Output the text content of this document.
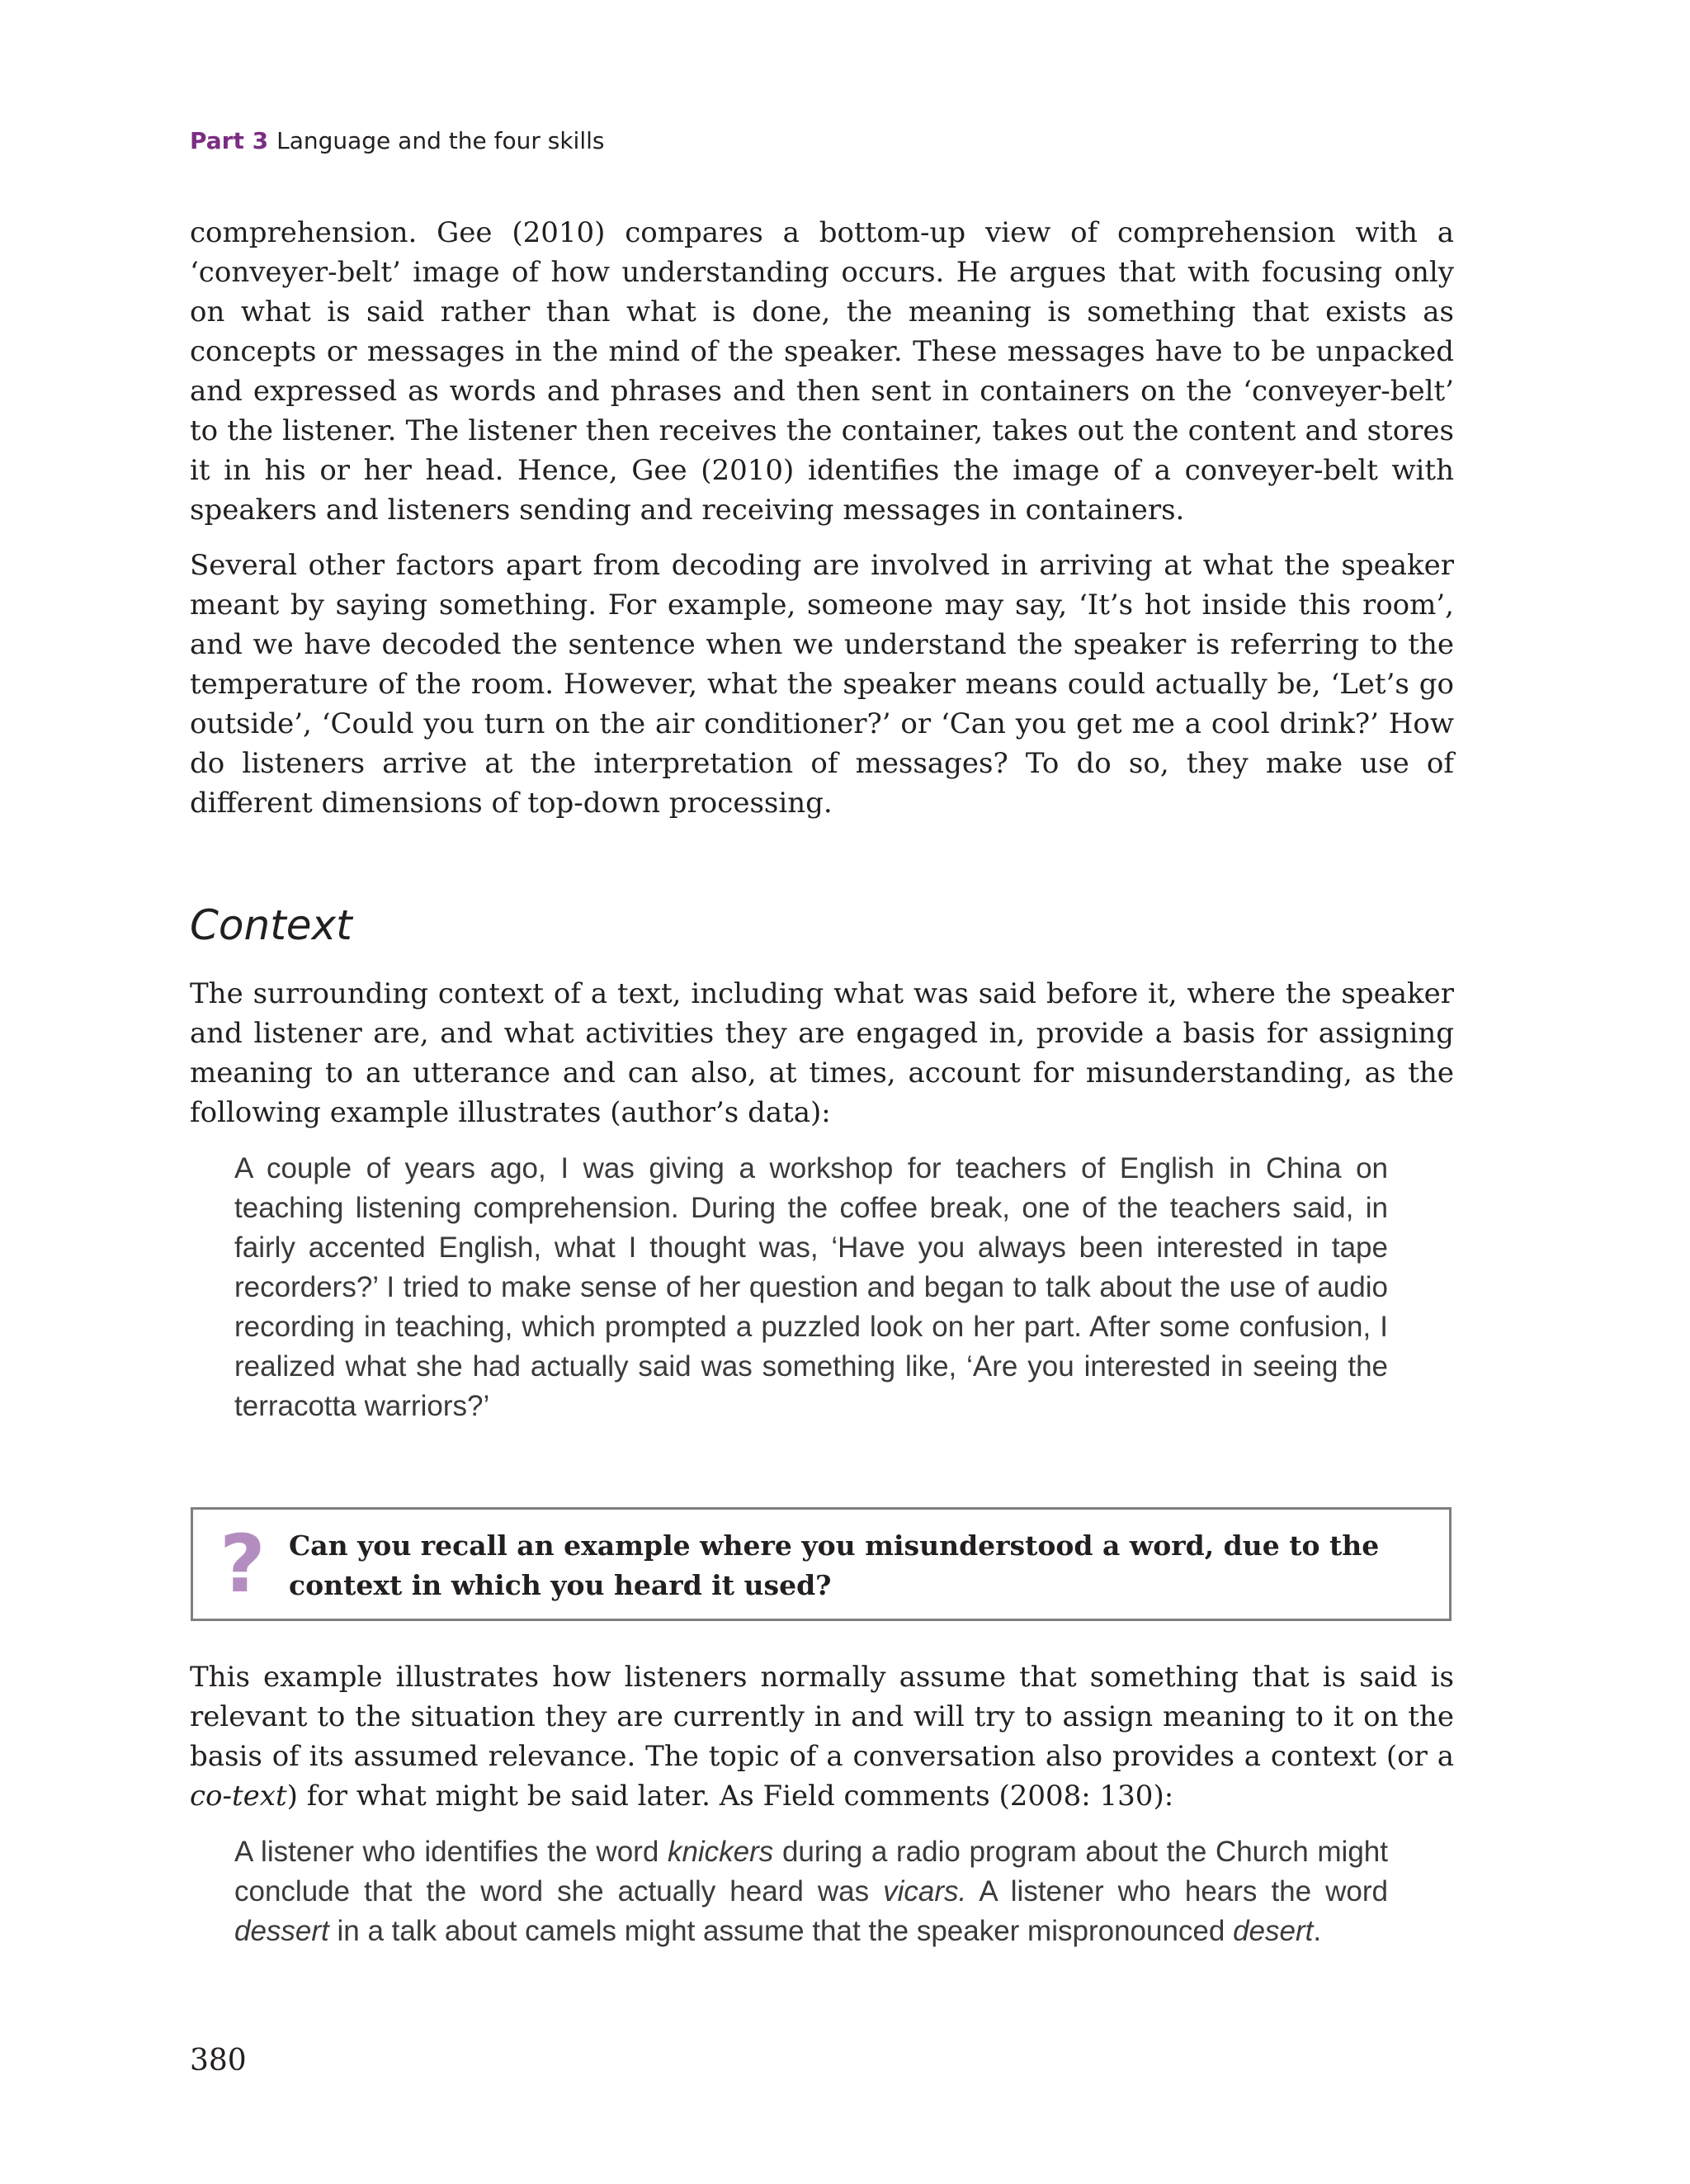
Part 3 Language and the four skills

comprehension. Gee (2010) compares a bottom-up view of comprehension with a ‘conveyer-belt’ image of how understanding occurs. He argues that with focusing only on what is said rather than what is done, the meaning is something that exists as concepts or messages in the mind of the speaker. These messages have to be unpacked and expressed as words and phrases and then sent in containers on the ‘conveyer-belt’ to the listener. The listener then receives the container, takes out the content and stores it in his or her head. Hence, Gee (2010) identifies the image of a conveyer-belt with speakers and listeners sending and receiving messages in containers.

Several other factors apart from decoding are involved in arriving at what the speaker meant by saying something. For example, someone may say, ‘It’s hot inside this room’, and we have decoded the sentence when we understand the speaker is referring to the temperature of the room. However, what the speaker means could actually be, ‘Let’s go outside’, ‘Could you turn on the air conditioner?’ or ‘Can you get me a cool drink?’ How do listeners arrive at the interpretation of messages? To do so, they make use of different dimensions of top-down processing.

Context

The surrounding context of a text, including what was said before it, where the speaker and listener are, and what activities they are engaged in, provide a basis for assigning meaning to an utterance and can also, at times, account for misunderstanding, as the following example illustrates (author’s data):

A couple of years ago, I was giving a workshop for teachers of English in China on teaching listening comprehension. During the coffee break, one of the teachers said, in fairly accented English, what I thought was, ‘Have you always been interested in tape recorders?’ I tried to make sense of her question and began to talk about the use of audio recording in teaching, which prompted a puzzled look on her part. After some confusion, I realized what she had actually said was something like, ‘Are you interested in seeing the terracotta warriors?’

? Can you recall an example where you misunderstood a word, due to the context in which you heard it used?

This example illustrates how listeners normally assume that something that is said is relevant to the situation they are currently in and will try to assign meaning to it on the basis of its assumed relevance. The topic of a conversation also provides a context (or a co-text) for what might be said later. As Field comments (2008: 130):

A listener who identifies the word knickers during a radio program about the Church might conclude that the word she actually heard was vicars. A listener who hears the word dessert in a talk about camels might assume that the speaker mispronounced desert.

380
